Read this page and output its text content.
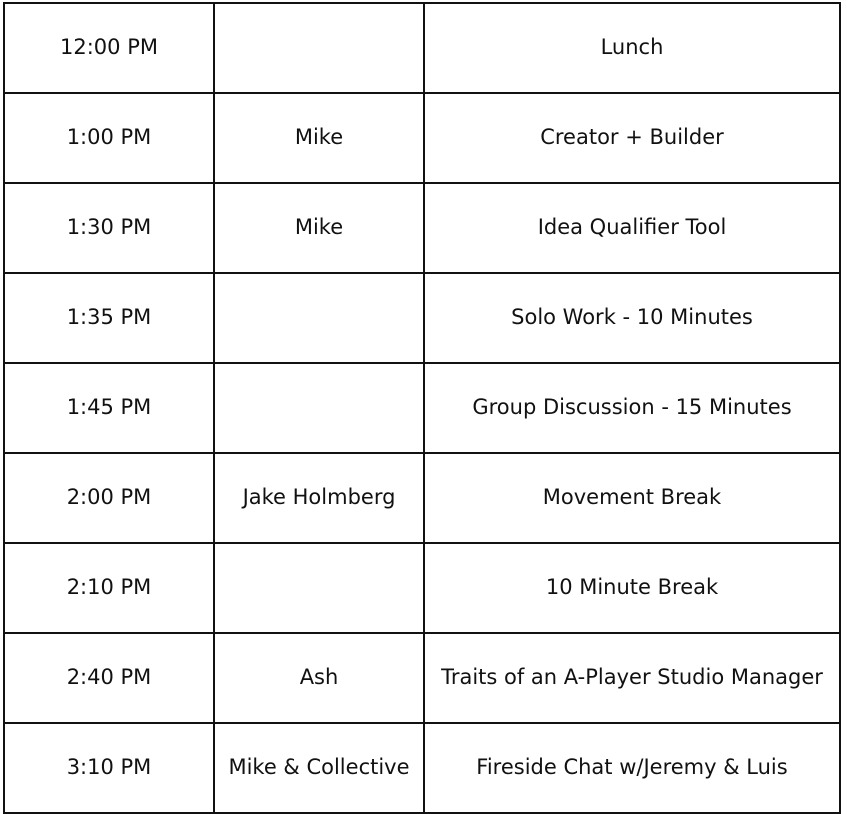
12:00 PM		Lunch
1:00 PM	Mike	Creator + Builder
1:30 PM	Mike	Idea Qualifier Tool
1:35 PM		Solo Work - 10 Minutes
1:45 PM		Group Discussion - 15 Minutes
2:00 PM	Jake Holmberg	Movement Break
2:10 PM		10 Minute Break
2:40 PM	Ash	Traits of an A-Player Studio Manager
3:10 PM	Mike & Collective	Fireside Chat w/Jeremy & Luis
